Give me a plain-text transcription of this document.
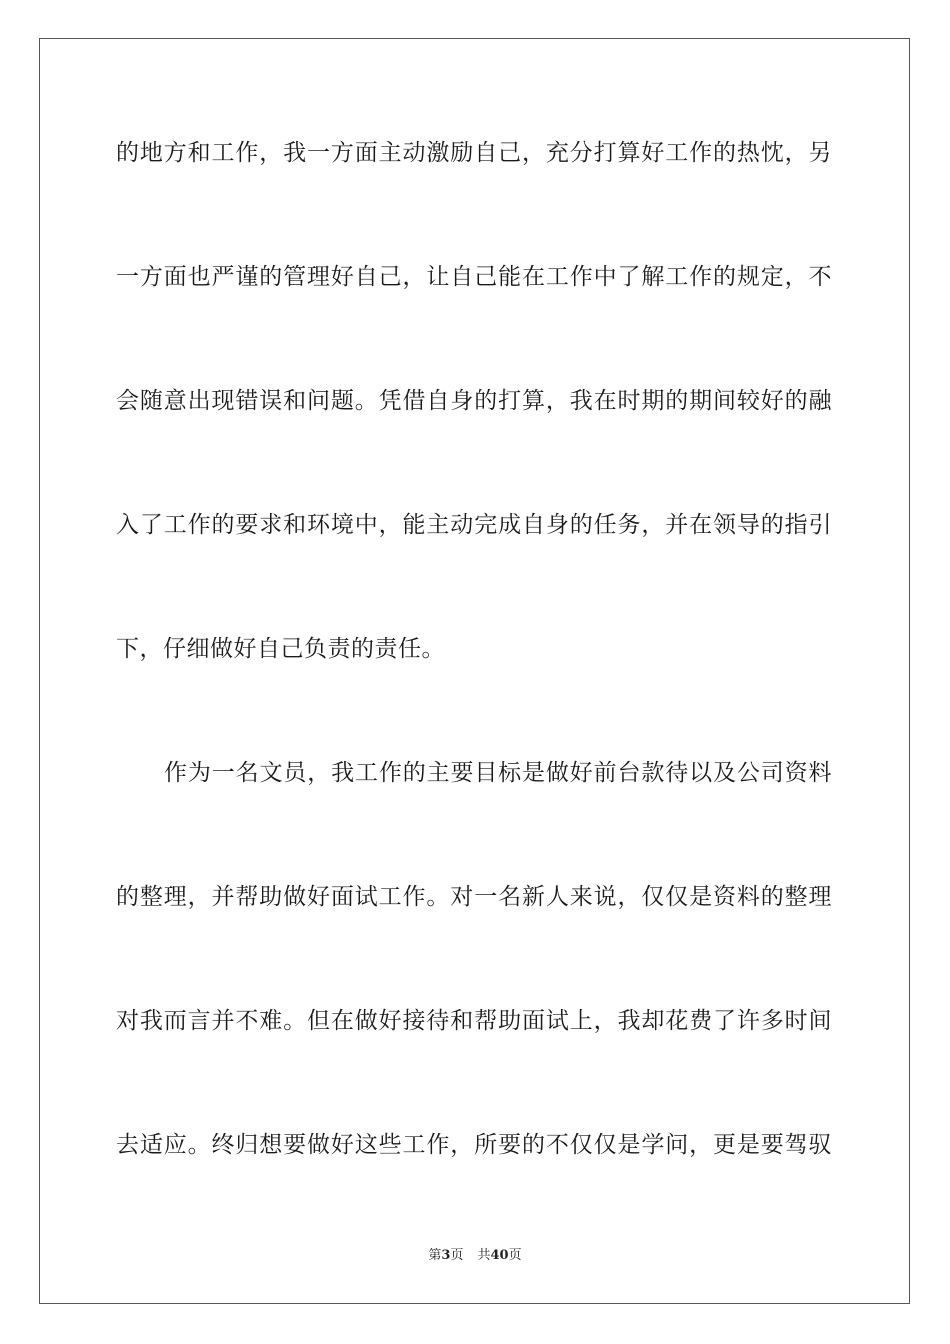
的地方和工作，我一方面主动激励自己，充分打算好工作的热忱，另
一方面也严谨的管理好自己，让自己能在工作中了解工作的规定，不
会随意出现错误和问题。凭借自身的打算，我在时期的期间较好的融
入了工作的要求和环境中，能主动完成自身的任务，并在领导的指引
下，仔细做好自己负责的责任。
作为一名文员，我工作的主要目标是做好前台款待以及公司资料
的整理，并帮助做好面试工作。对一名新人来说，仅仅是资料的整理
对我而言并不难。但在做好接待和帮助面试上，我却花费了许多时间
去适应。终归想要做好这些工作，所要的不仅仅是学问，更是要驾驭
第3页 共40页
